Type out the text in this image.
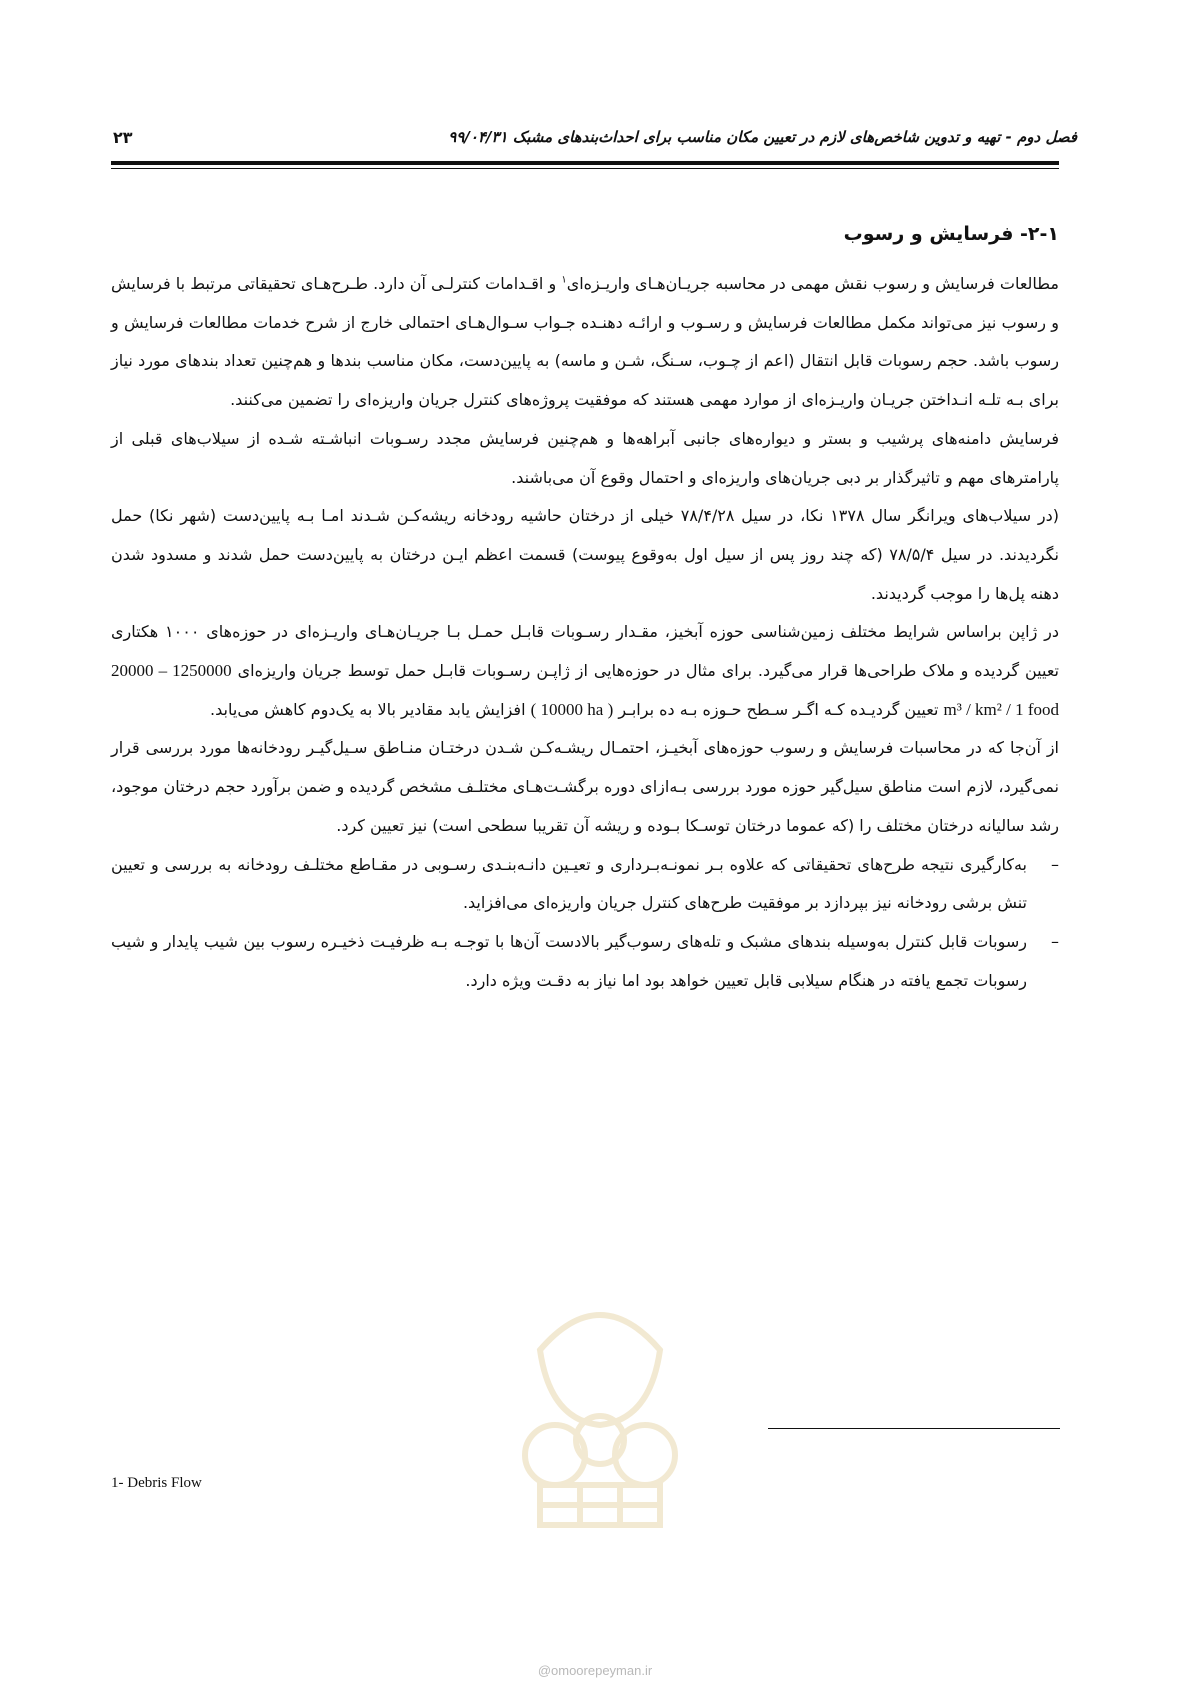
فصل دوم - تهیه و تدوین شاخص‌های لازم در تعیین مکان مناسب برای احداث‌بندهای مشبک ۹۹/۰۴/۳۱
۲۳
۲-۱- فرسایش و رسوب

مطالعات فرسایش و رسوب نقش مهمی در محاسبه جریـان‌هـای واریـزه‌ای$^۱$ و اقـدامات کنترلـی آن دارد. طـرح‌هـای تحقیقاتی مرتبط با فرسایش و رسوب نیز می‌تواند مکمل مطالعات فرسایش و رسـوب و ارائـه دهنـده جـواب سـوال‌هـای احتمالی خارج از شرح خدمات مطالعات فرسایش و رسوب باشد. حجم رسوبات قابل انتقال (اعم از چـوب، سـنگ، شـن و ماسه) به پایین‌دست، مکان مناسب بندها و هم‌چنین تعداد بندهای مورد نیاز برای بـه تلـه انـداختن جریـان واریـزه‌ای از موارد مهمی هستند که موفقیت پروژه‌های کنترل جریان واریزه‌ای را تضمین می‌کنند.

فرسایش دامنه‌های پرشیب و بستر و دیواره‌های جانبی آبراهه‌ها و هم‌چنین فرسایش مجدد رسـوبات انباشـته شـده از سیلاب‌های قبلی از پارامترهای مهم و تاثیرگذار بر دبی جریان‌های واریزه‌ای و احتمال وقوع آن می‌باشند.

(در سیلاب‌های ویرانگر سال ۱۳۷۸ نکا، در سیل ۷۸/۴/۲۸ خیلی از درختان حاشیه رودخانه ریشه‌کـن شـدند امـا بـه پایین‌دست (شهر نکا) حمل نگردیدند. در سیل ۷۸/۵/۴ (که چند روز پس از سیل اول به‌وقوع پیوست) قسمت اعظم ایـن درختان به پایین‌دست حمل شدند و مسدود شدن دهنه پل‌ها را موجب گردیدند.

در ژاپن براساس شرایط مختلف زمین‌شناسی حوزه آبخیز، مقـدار رسـوبات قابـل حمـل بـا جریـان‌هـای واریـزه‌ای در حوزه‌های ۱۰۰۰ هکتاری تعیین گردیده و ملاک طراحی‌ها قرار می‌گیرد. برای مثال در حوزه‌هایی از ژاپـن رسـوبات قابـل حمل توسط جریان واریزه‌ای 20000 – 1250000 m³ / km² / 1 food تعیین گردیـده کـه اگـر سـطح حـوزه بـه ده برابـر ( 10000 ha ) افزایش یابد مقادیر بالا به یک‌دوم کاهش می‌یابد.

از آن‌جا که در محاسبات فرسایش و رسوب حوزه‌های آبخیـز، احتمـال ریشـه‌کـن شـدن درختـان منـاطق سـیل‌گیـر رودخانه‌ها مورد بررسی قرار نمی‌گیرد، لازم است مناطق سیل‌گیر حوزه مورد بررسی بـه‌ازای دوره برگشـت‌هـای مختلـف مشخص گردیده و ضمن برآورد حجم درختان موجود، رشد سالیانه درختان مختلف را (که عموما درختان توسـکا بـوده و ریشه آن تقریبا سطحی است) نیز تعیین کرد.

–
به‌کارگیری نتیجه طرح‌های تحقیقاتی که علاوه بـر نمونـه‌بـرداری و تعیـین دانـه‌بنـدی رسـوبی در مقـاطع مختلـف رودخانه به بررسی و تعیین تنش برشی رودخانه نیز بپردازد بر موفقیت طرح‌های کنترل جریان واریزه‌ای می‌افزاید.
–
رسوبات قابل کنترل به‌وسیله بندهای مشبک و تله‌های رسوب‌گیر بالادست آن‌ها با توجـه بـه ظرفیـت ذخیـره رسوب بین شیب پایدار و شیب رسوبات تجمع یافته در هنگام سیلابی قابل تعیین خواهد بود اما نیاز به دقـت ویژه دارد.
1- Debris Flow
@omoorepeyman.ir
